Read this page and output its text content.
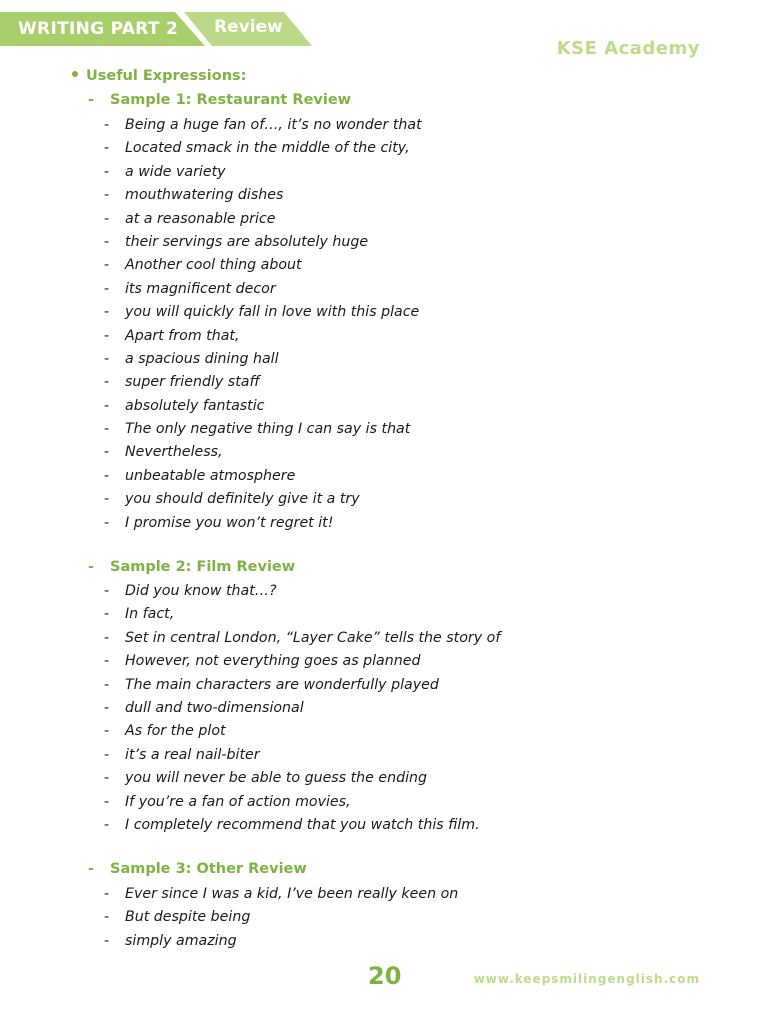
WRITING PART 2 Review
KSE Academy
Useful Expressions:
- Sample 1: Restaurant Review
- Being a huge fan of…, it’s no wonder that
- Located smack in the middle of the city,
- a wide variety
- mouthwatering dishes
- at a reasonable price
- their servings are absolutely huge
- Another cool thing about
- its magnificent decor
- you will quickly fall in love with this place
- Apart from that,
- a spacious dining hall
- super friendly staff
- absolutely fantastic
- The only negative thing I can say is that
- Nevertheless,
- unbeatable atmosphere
- you should definitely give it a try
- I promise you won’t regret it!
- Sample 2: Film Review
- Did you know that…?
- In fact,
- Set in central London, “Layer Cake” tells the story of
- However, not everything goes as planned
- The main characters are wonderfully played
- dull and two-dimensional
- As for the plot
- it’s a real nail-biter
- you will never be able to guess the ending
- If you’re a fan of action movies,
- I completely recommend that you watch this film.
- Sample 3: Other Review
- Ever since I was a kid, I’ve been really keen on
- But despite being
- simply amazing
20	www.keepsmilingenglish.com
